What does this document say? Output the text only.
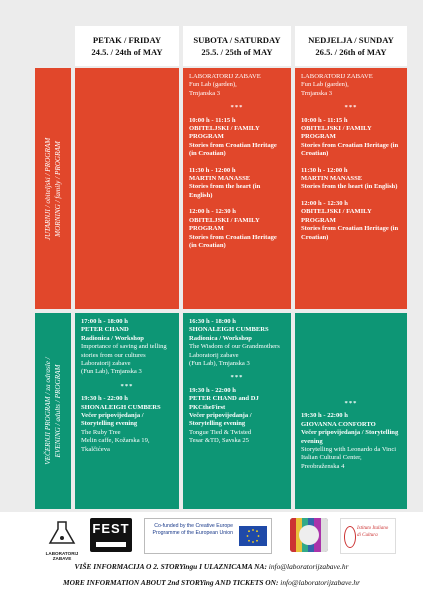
PETAK / FRIDAY
24.5. / 24th of MAY
SUBOTA / SATURDAY
25.5. / 25th of MAY
NEDJELJA / SUNDAY
26.5. / 26th of MAY
JUTARNJI / obiteljski / PROGRAM MORNING / family / PROGRAM

LABORATORIJ ZABAVE

Fun Lab (garden),

Trnjanska 3

***

10:00 h - 11:15 h

OBITELJSKI / FAMILY PROGRAM

Stories from Croatian Heritage (in Croatian)

11:30 h - 12:00 h

MARTIN MANASSE

Stories from the heart (in English)

12:00 h - 12:30 h

OBITELJSKI / FAMILY PROGRAM

Stories from Croatian Heritage (in Croatian)

LABORATORIJ ZABAVE

Fun Lab (garden),

Trnjanska 3

***

10:00 h - 11:15 h

OBITELJSKI / FAMILY PROGRAM

Stories from Croatian Heritage (in Croatian)

11:30 h - 12:00 h

MARTIN MANASSE

Stories from the heart (in English)

12:00 h - 12:30 h

OBITELJSKI / FAMILY PROGRAM

Stories from Croatian Heritage (in Croatian)

VEČERNJI PROGRAM / za odrasle / EVENING / adults / PROGRAM

17:00 h - 18:00 h

PETER CHAND

Radionica / Workshop

Importance of saving and telling stories from our cultures

Laboratorij zabave

(Fun Lab), Trnjanska 3

***

19:30 h - 22:00 h

SHONALEIGH CUMBERS

Večer pripovijedanja / Storytelling evening

The Ruby Tree

Melin caffe, Kožarska 19, Tkalčićeva

16:30 h - 18:00 h

SHONALEIGH CUMBERS

Radionica / Workshop

The Wisdom of our Grandmothers

Laboratorij zabave

(Fun Lab), Trnjanska 3

***

19:30 h - 22:00 h

PETER CHAND and DJ PKCtheFirst

Večer pripovijedanja / Storytelling evening

Tongue Tied & Twisted

Tesar &TD, Savska 25

***

19:30 h - 22:00 h

GIOVANNA CONFORTO

Večer pripovijedanja / Storytelling evening

Storytelling with Leonardo da Vinci

Italian Cultural Center, Preobraženska 4

LABORATORIJ ZABAVE
FEST	Co-funded by the Creative Europe Programme of the European Union
Istituto Italiano di Cultura
VIŠE INFORMACIJA O 2. STORYingu I ULAZNICAMA NA: info@laboratorijzabave.hr
MORE INFORMATION ABOUT 2nd STORYing AND TICKETS ON: info@laboratorijzabave.hr
